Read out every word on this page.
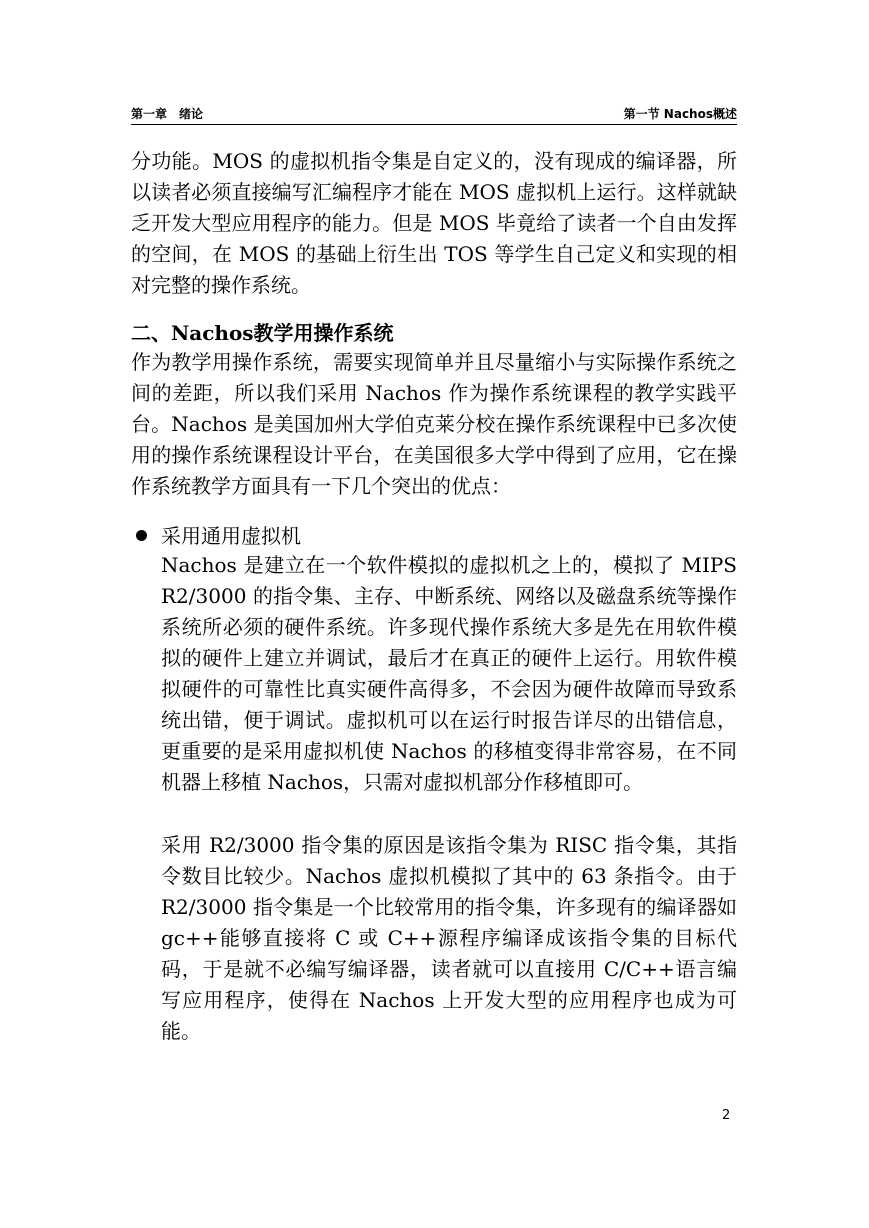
第一章　绪论	第一节 Nachos概述

分功能。MOS 的虚拟机指令集是自定义的，没有现成的编译器，所以读者必须直接编写汇编程序才能在 MOS 虚拟机上运行。这样就缺乏开发大型应用程序的能力。但是 MOS 毕竟给了读者一个自由发挥的空间，在 MOS 的基础上衍生出 TOS 等学生自己定义和实现的相对完整的操作系统。

二、Nachos教学用操作系统

作为教学用操作系统，需要实现简单并且尽量缩小与实际操作系统之间的差距，所以我们采用 Nachos 作为操作系统课程的教学实践平台。Nachos 是美国加州大学伯克莱分校在操作系统课程中已多次使用的操作系统课程设计平台，在美国很多大学中得到了应用，它在操作系统教学方面具有一下几个突出的优点：

采用通用虚拟机

Nachos 是建立在一个软件模拟的虚拟机之上的，模拟了 MIPS R2/3000 的指令集、主存、中断系统、网络以及磁盘系统等操作系统所必须的硬件系统。许多现代操作系统大多是先在用软件模拟的硬件上建立并调试，最后才在真正的硬件上运行。用软件模拟硬件的可靠性比真实硬件高得多，不会因为硬件故障而导致系统出错，便于调试。虚拟机可以在运行时报告详尽的出错信息，更重要的是采用虚拟机使 Nachos 的移植变得非常容易，在不同机器上移植 Nachos，只需对虚拟机部分作移植即可。

采用 R2/3000 指令集的原因是该指令集为 RISC 指令集，其指令数目比较少。Nachos 虚拟机模拟了其中的 63 条指令。由于 R2/3000 指令集是一个比较常用的指令集，许多现有的编译器如 gc++能够直接将 C 或 C++源程序编译成该指令集的目标代码，于是就不必编写编译器，读者就可以直接用 C/C++语言编写应用程序，使得在 Nachos 上开发大型的应用程序也成为可能。

2
